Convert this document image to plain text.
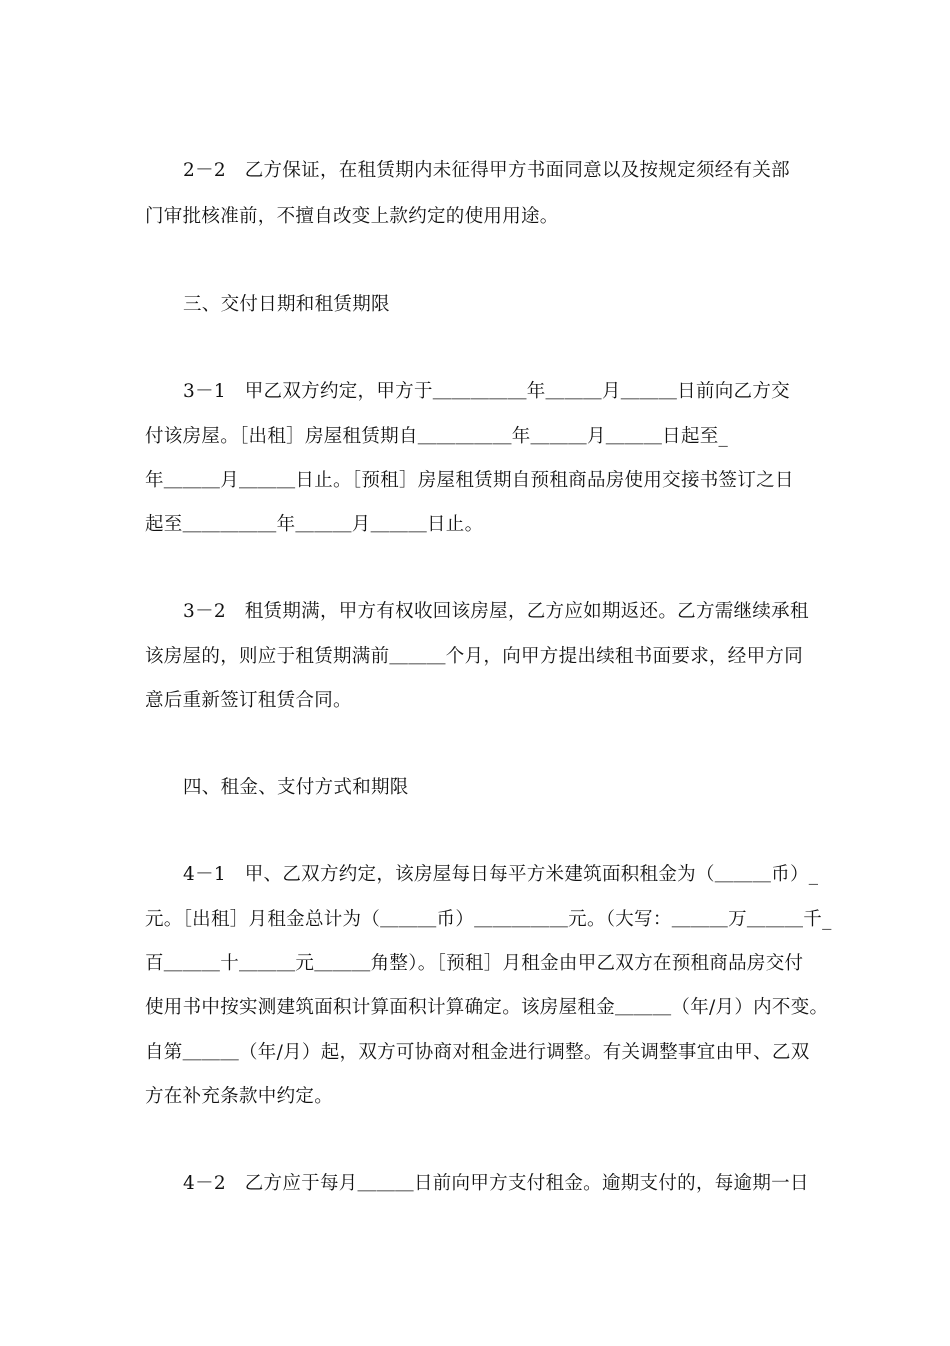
2－2　乙方保证，在租赁期内未征得甲方书面同意以及按规定须经有关部
门审批核准前，不擅自改变上款约定的使用用途。
三、交付日期和租赁期限
3－1　甲乙双方约定，甲方于＿＿＿＿＿年＿＿＿月＿＿＿日前向乙方交
付该房屋。［出租］房屋租赁期自＿＿＿＿＿年＿＿＿月＿＿＿日起至_
年＿＿＿月＿＿＿日止。［预租］房屋租赁期自预租商品房使用交接书签订之日
起至＿＿＿＿＿年＿＿＿月＿＿＿日止。
3－2　租赁期满，甲方有权收回该房屋，乙方应如期返还。乙方需继续承租
该房屋的，则应于租赁期满前＿＿＿个月，向甲方提出续租书面要求，经甲方同
意后重新签订租赁合同。
四、租金、支付方式和期限
4－1　甲、乙双方约定，该房屋每日每平方米建筑面积租金为（＿＿＿币）_
元。［出租］月租金总计为（＿＿＿币）＿＿＿＿＿元。（大写：＿＿＿万＿＿＿千_
百＿＿＿十＿＿＿元＿＿＿角整）。［预租］月租金由甲乙双方在预租商品房交付
使用书中按实测建筑面积计算面积计算确定。该房屋租金＿＿＿（年/月）内不变。
自第＿＿＿（年/月）起，双方可协商对租金进行调整。有关调整事宜由甲、乙双
方在补充条款中约定。
4－2　乙方应于每月＿＿＿日前向甲方支付租金。逾期支付的，每逾期一日
